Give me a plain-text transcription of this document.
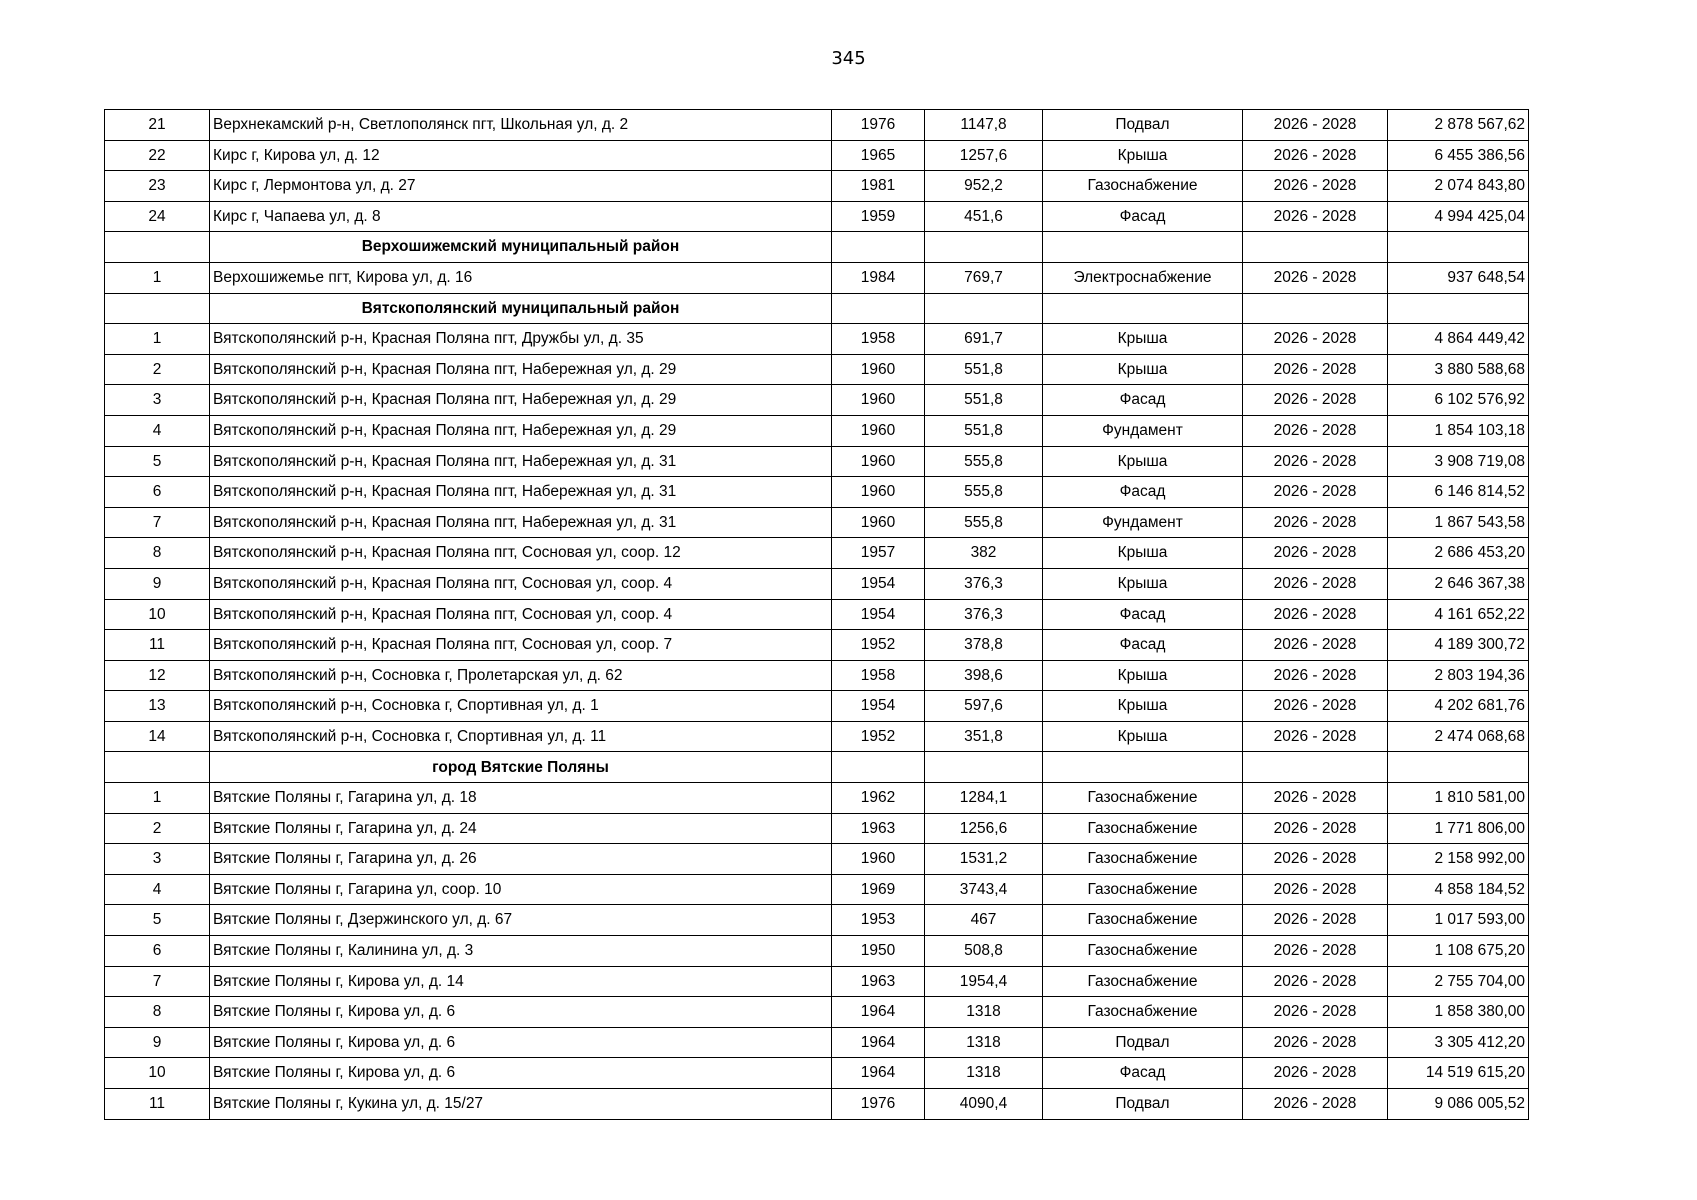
345
21	Верхнекамский р-н, Светлополянск пгт, Школьная ул, д. 2	1976	1147,8	Подвал	2026 - 2028	2 878 567,62
22	Кирс г, Кирова ул, д. 12	1965	1257,6	Крыша	2026 - 2028	6 455 386,56
23	Кирс г, Лермонтова ул, д. 27	1981	952,2	Газоснабжение	2026 - 2028	2 074 843,80
24	Кирс г, Чапаева ул, д. 8	1959	451,6	Фасад	2026 - 2028	4 994 425,04
	Верхошижемский муниципальный район					
1	Верхошижемье пгт, Кирова ул, д. 16	1984	769,7	Электроснабжение	2026 - 2028	937 648,54
	Вятскополянский муниципальный район					
1	Вятскополянский р-н, Красная Поляна пгт, Дружбы ул, д. 35	1958	691,7	Крыша	2026 - 2028	4 864 449,42
2	Вятскополянский р-н, Красная Поляна пгт, Набережная ул, д. 29	1960	551,8	Крыша	2026 - 2028	3 880 588,68
3	Вятскополянский р-н, Красная Поляна пгт, Набережная ул, д. 29	1960	551,8	Фасад	2026 - 2028	6 102 576,92
4	Вятскополянский р-н, Красная Поляна пгт, Набережная ул, д. 29	1960	551,8	Фундамент	2026 - 2028	1 854 103,18
5	Вятскополянский р-н, Красная Поляна пгт, Набережная ул, д. 31	1960	555,8	Крыша	2026 - 2028	3 908 719,08
6	Вятскополянский р-н, Красная Поляна пгт, Набережная ул, д. 31	1960	555,8	Фасад	2026 - 2028	6 146 814,52
7	Вятскополянский р-н, Красная Поляна пгт, Набережная ул, д. 31	1960	555,8	Фундамент	2026 - 2028	1 867 543,58
8	Вятскополянский р-н, Красная Поляна пгт, Сосновая ул, соор. 12	1957	382	Крыша	2026 - 2028	2 686 453,20
9	Вятскополянский р-н, Красная Поляна пгт, Сосновая ул, соор. 4	1954	376,3	Крыша	2026 - 2028	2 646 367,38
10	Вятскополянский р-н, Красная Поляна пгт, Сосновая ул, соор. 4	1954	376,3	Фасад	2026 - 2028	4 161 652,22
11	Вятскополянский р-н, Красная Поляна пгт, Сосновая ул, соор. 7	1952	378,8	Фасад	2026 - 2028	4 189 300,72
12	Вятскополянский р-н, Сосновка г, Пролетарская ул, д. 62	1958	398,6	Крыша	2026 - 2028	2 803 194,36
13	Вятскополянский р-н, Сосновка г, Спортивная ул, д. 1	1954	597,6	Крыша	2026 - 2028	4 202 681,76
14	Вятскополянский р-н, Сосновка г, Спортивная ул, д. 11	1952	351,8	Крыша	2026 - 2028	2 474 068,68
	город Вятские Поляны					
1	Вятские Поляны г, Гагарина ул, д. 18	1962	1284,1	Газоснабжение	2026 - 2028	1 810 581,00
2	Вятские Поляны г, Гагарина ул, д. 24	1963	1256,6	Газоснабжение	2026 - 2028	1 771 806,00
3	Вятские Поляны г, Гагарина ул, д. 26	1960	1531,2	Газоснабжение	2026 - 2028	2 158 992,00
4	Вятские Поляны г, Гагарина ул, соор. 10	1969	3743,4	Газоснабжение	2026 - 2028	4 858 184,52
5	Вятские Поляны г, Дзержинского ул, д. 67	1953	467	Газоснабжение	2026 - 2028	1 017 593,00
6	Вятские Поляны г, Калинина ул, д. 3	1950	508,8	Газоснабжение	2026 - 2028	1 108 675,20
7	Вятские Поляны г, Кирова ул, д. 14	1963	1954,4	Газоснабжение	2026 - 2028	2 755 704,00
8	Вятские Поляны г, Кирова ул, д. 6	1964	1318	Газоснабжение	2026 - 2028	1 858 380,00
9	Вятские Поляны г, Кирова ул, д. 6	1964	1318	Подвал	2026 - 2028	3 305 412,20
10	Вятские Поляны г, Кирова ул, д. 6	1964	1318	Фасад	2026 - 2028	14 519 615,20
11	Вятские Поляны г, Кукина ул, д. 15/27	1976	4090,4	Подвал	2026 - 2028	9 086 005,52
